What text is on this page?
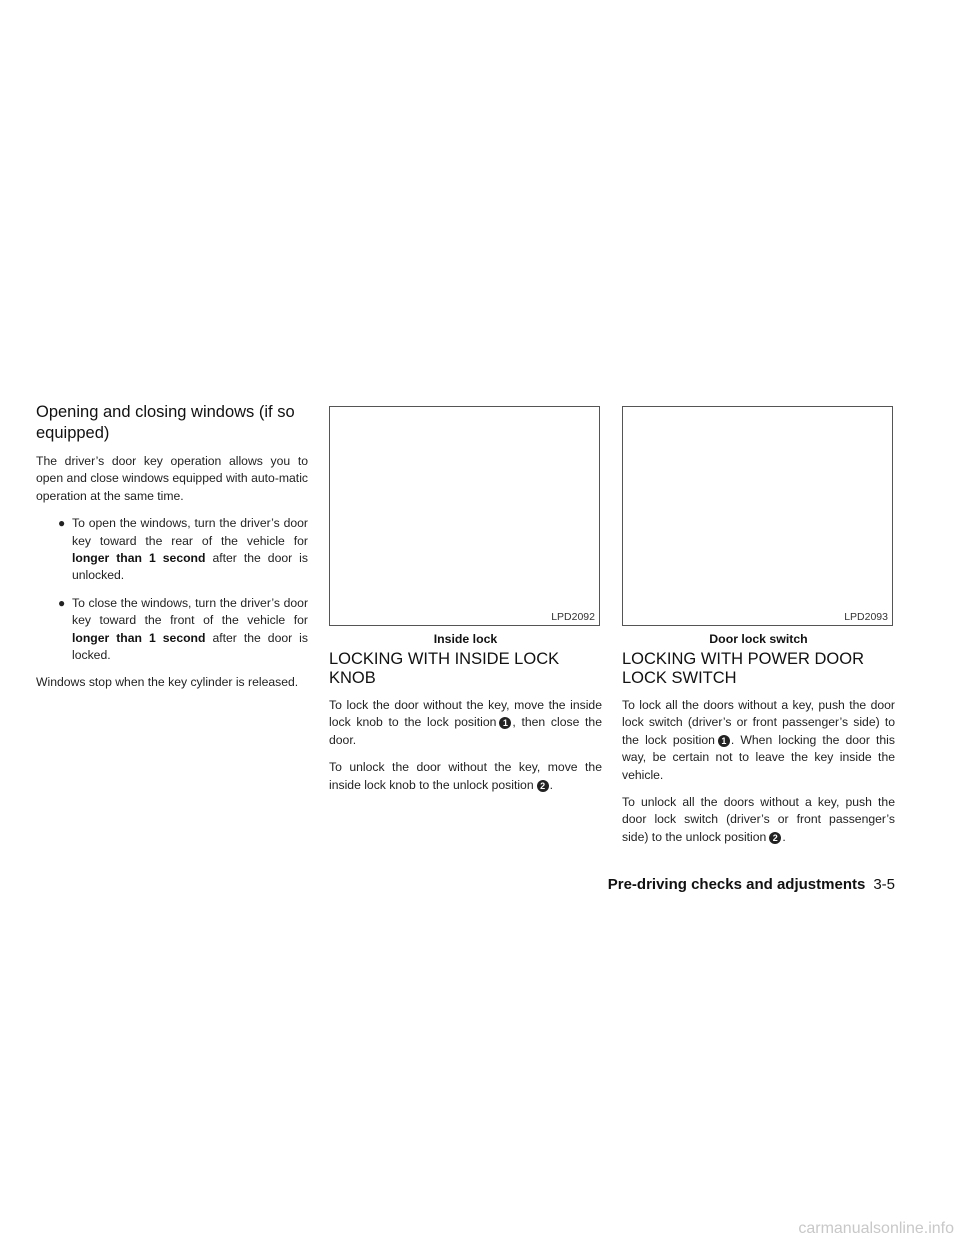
Opening and closing windows (if so equipped)

The driver’s door key operation allows you to open and close windows equipped with auto-matic operation at the same time.

● To open the windows, turn the driver’s door key toward the rear of the vehicle for longer than 1 second after the door is unlocked.
● To close the windows, turn the driver’s door key toward the front of the vehicle for longer than 1 second after the door is locked.

Windows stop when the key cylinder is released.

LPD2092
Inside lock
LOCKING WITH INSIDE LOCK KNOB

To lock the door without the key, move the inside lock knob to the lock position 1 , then close the door.

To unlock the door without the key, move the inside lock knob to the unlock position 2 .

LPD2093
Door lock switch
LOCKING WITH POWER DOOR LOCK SWITCH

To lock all the doors without a key, push the door lock switch (driver’s or front passenger’s side) to the lock position 1 . When locking the door this way, be certain not to leave the key inside the vehicle.

To unlock all the doors without a key, push the door lock switch (driver’s or front passenger’s side) to the unlock position 2 .

Pre-driving checks and adjustments 3-5
carmanualsonline.info
